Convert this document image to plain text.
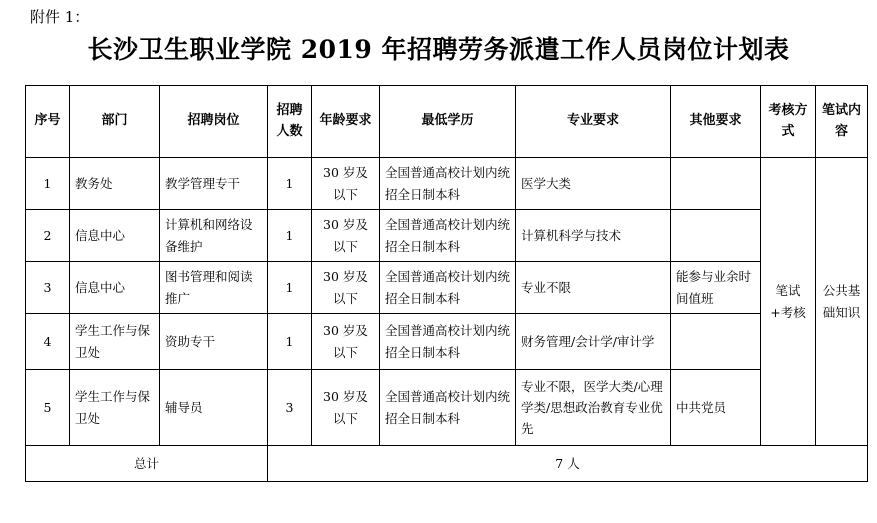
附件 1：
长沙卫生职业学院 2019 年招聘劳务派遣工作人员岗位计划表
序号	部门	招聘岗位	招聘人数	年龄要求	最低学历	专业要求	其他要求	考核方式	笔试内容
1	教务处	教学管理专干	1	30 岁及以下	全国普通高校计划内统招全日制本科	医学大类		笔试+考核	公共基础知识
2	信息中心	计算机和网络设备维护	1	30 岁及以下	全国普通高校计划内统招全日制本科	计算机科学与技术			
3	信息中心	图书管理和阅读推广	1	30 岁及以下	全国普通高校计划内统招全日制本科	专业不限	能参与业余时间值班		
4	学生工作与保卫处	资助专干	1	30 岁及以下	全国普通高校计划内统招全日制本科	财务管理/会计学/审计学			
5	学生工作与保卫处	辅导员	3	30 岁及以下	全国普通高校计划内统招全日制本科	专业不限，医学大类/心理学类/思想政治教育专业优先	中共党员		
总计			7 人						
